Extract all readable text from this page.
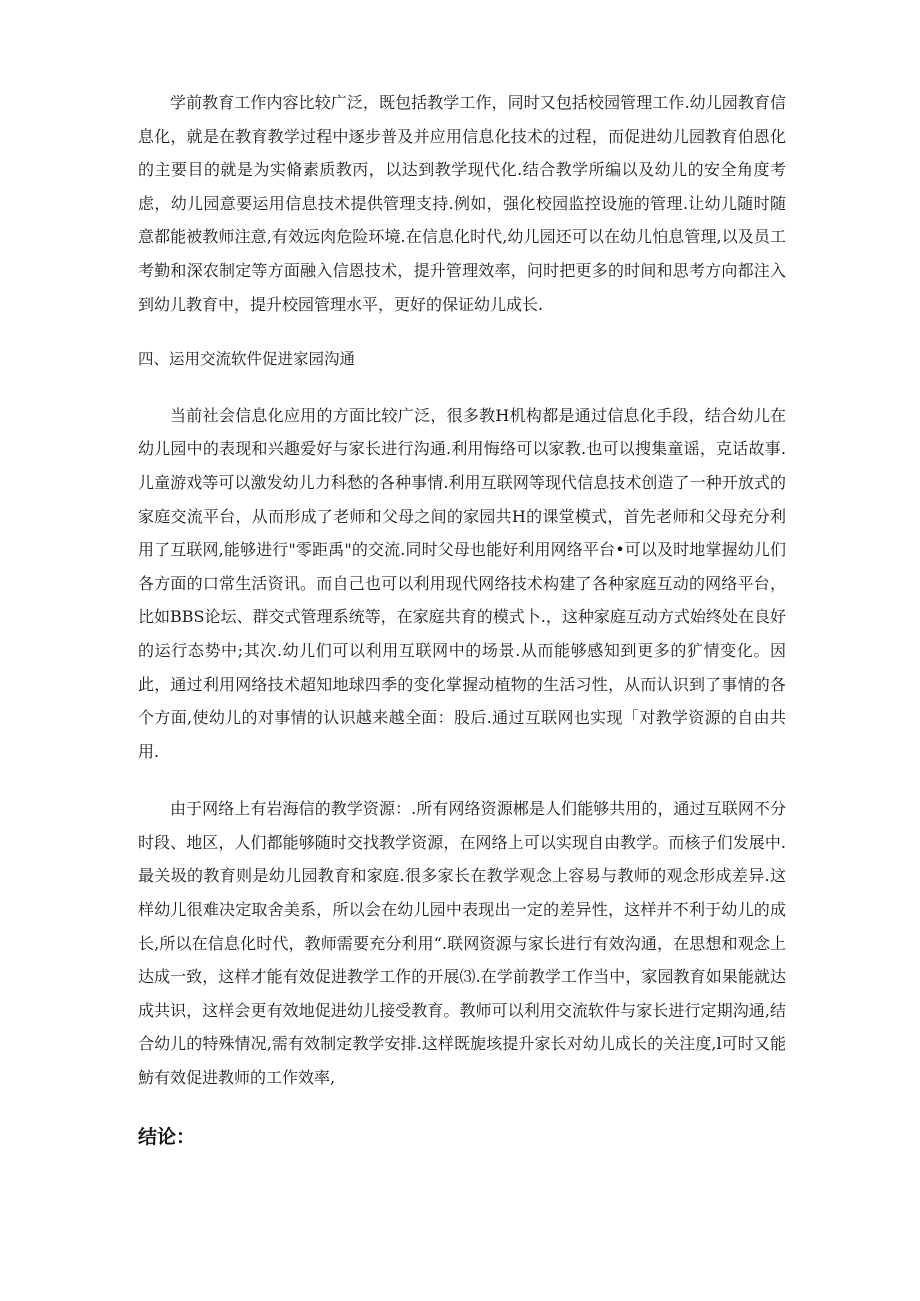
学前教育工作内容比较广泛，既包括教学工作，同时又包括校园管理工作.幼儿园教育信息化，就是在教育教学过程中逐步普及并应用信息化技术的过程，而促进幼儿园教育伯恩化的主要目的就是为实脩素质教丙，以达到教学现代化.结合教学所编以及幼儿的安全角度考虑，幼儿园意要运用信息技术提供管理支持.例如，强化校园监控设施的管理.让幼儿随时随意都能被教师注意,有效远肉危险环境.在信息化时代,幼儿园还可以在幼儿怕息管理,以及员工考勤和深农制定等方面融入信恩技术，提升管理效率，问时把更多的时间和思考方向都注入到幼儿教育中，提升校园管理水平，更好的保证幼儿成长.

四、运用交流软件促进家园沟通

当前社会信息化应用的方面比较广泛，很多教H机构都是通过信息化手段，结合幼儿在幼儿园中的表现和兴趣爱好与家长进行沟通.利用悔络可以家教.也可以搜集童谣，克话故事.儿童游戏等可以激发幼儿力科愁的各种事情.利用互联网等现代信息技术创造了一种开放式的家庭交流平台，从而形成了老师和父母之间的家园共H的课堂模式，首先老师和父母充分利用了互联网,能够进行"零距禹"的交流.同时父母也能好利用网络平台•可以及时地掌握幼儿们各方面的口常生活资讯。而自己也可以利用现代网络技术构建了各种家庭互动的网络平台，比如BBS论坛、群交式管理系统等，在家庭共育的模式卜.，这种家庭互动方式始终处在良好的运行态势中;其次.幼儿们可以利用互联网中的场景.从而能够感知到更多的犷情变化。因此，通过利用网络技术超知地球四季的变化掌握动植物的生活习性，从而认识到了事情的各个方面,使幼儿的对事情的认识越来越全面：股后.通过互联网也实现「对教学资源的自由共用.

由于网络上有岩海信的教学资源：.所有网络资源郴是人们能够共用的，通过互联网不分时段、地区，人们都能够随时交找教学资源，在网络上可以实现自由教学。而核子们发展中.最关圾的教育则是幼儿园教育和家庭.很多家长在教学观念上容易与教师的观念形成差异.这样幼儿很难决定取舍美系，所以会在幼儿园中表现出一定的差异性，这样并不利于幼儿的成长,所以在信息化时代，教师需要充分利用“.联网资源与家长进行有效沟通，在思想和观念上达成一致，这样才能有效促进教学工作的开展⑶.在学前教学工作当中，家园教育如果能就达成共识，这样会更有效地促进幼儿接受教育。教师可以利用交流软件与家长进行定期沟通,结合幼儿的特殊情况,需有效制定教学安排.这样既旎垓提升家长对幼儿成长的关注度,l可时又能魴有效促进教师的工作效率,

结论：
